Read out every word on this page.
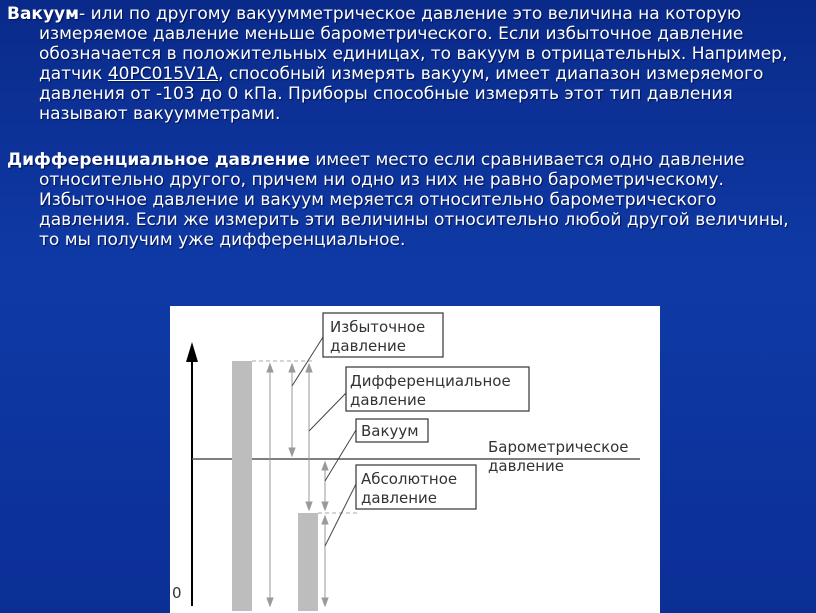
Вакуум- или по другому вакуумметрическое давление это величина на которую измеряемое давление меньше барометрического. Если избыточное давление обозначается в положительных единицах, то вакуум в отрицательных. Например, датчик 40PC015V1A, способный измерять вакуум, имеет диапазон измеряемого давления от -103 до 0 кПа. Приборы способные измерять этот тип давления называют вакуумметрами.
Дифференциальное давление имеет место если сравнивается одно давление относительно другого, причем ни одно из них не равно барометрическому. Избыточное давление и вакуум меряется относительно барометрического давления. Если же измерить эти величины относительно любой другой величины, то мы получим уже дифференциальное.
0
Избыточное
давление
Дифференциальное
давление
Вакуум
Барометрическое
давление
Абсолютное
давление
